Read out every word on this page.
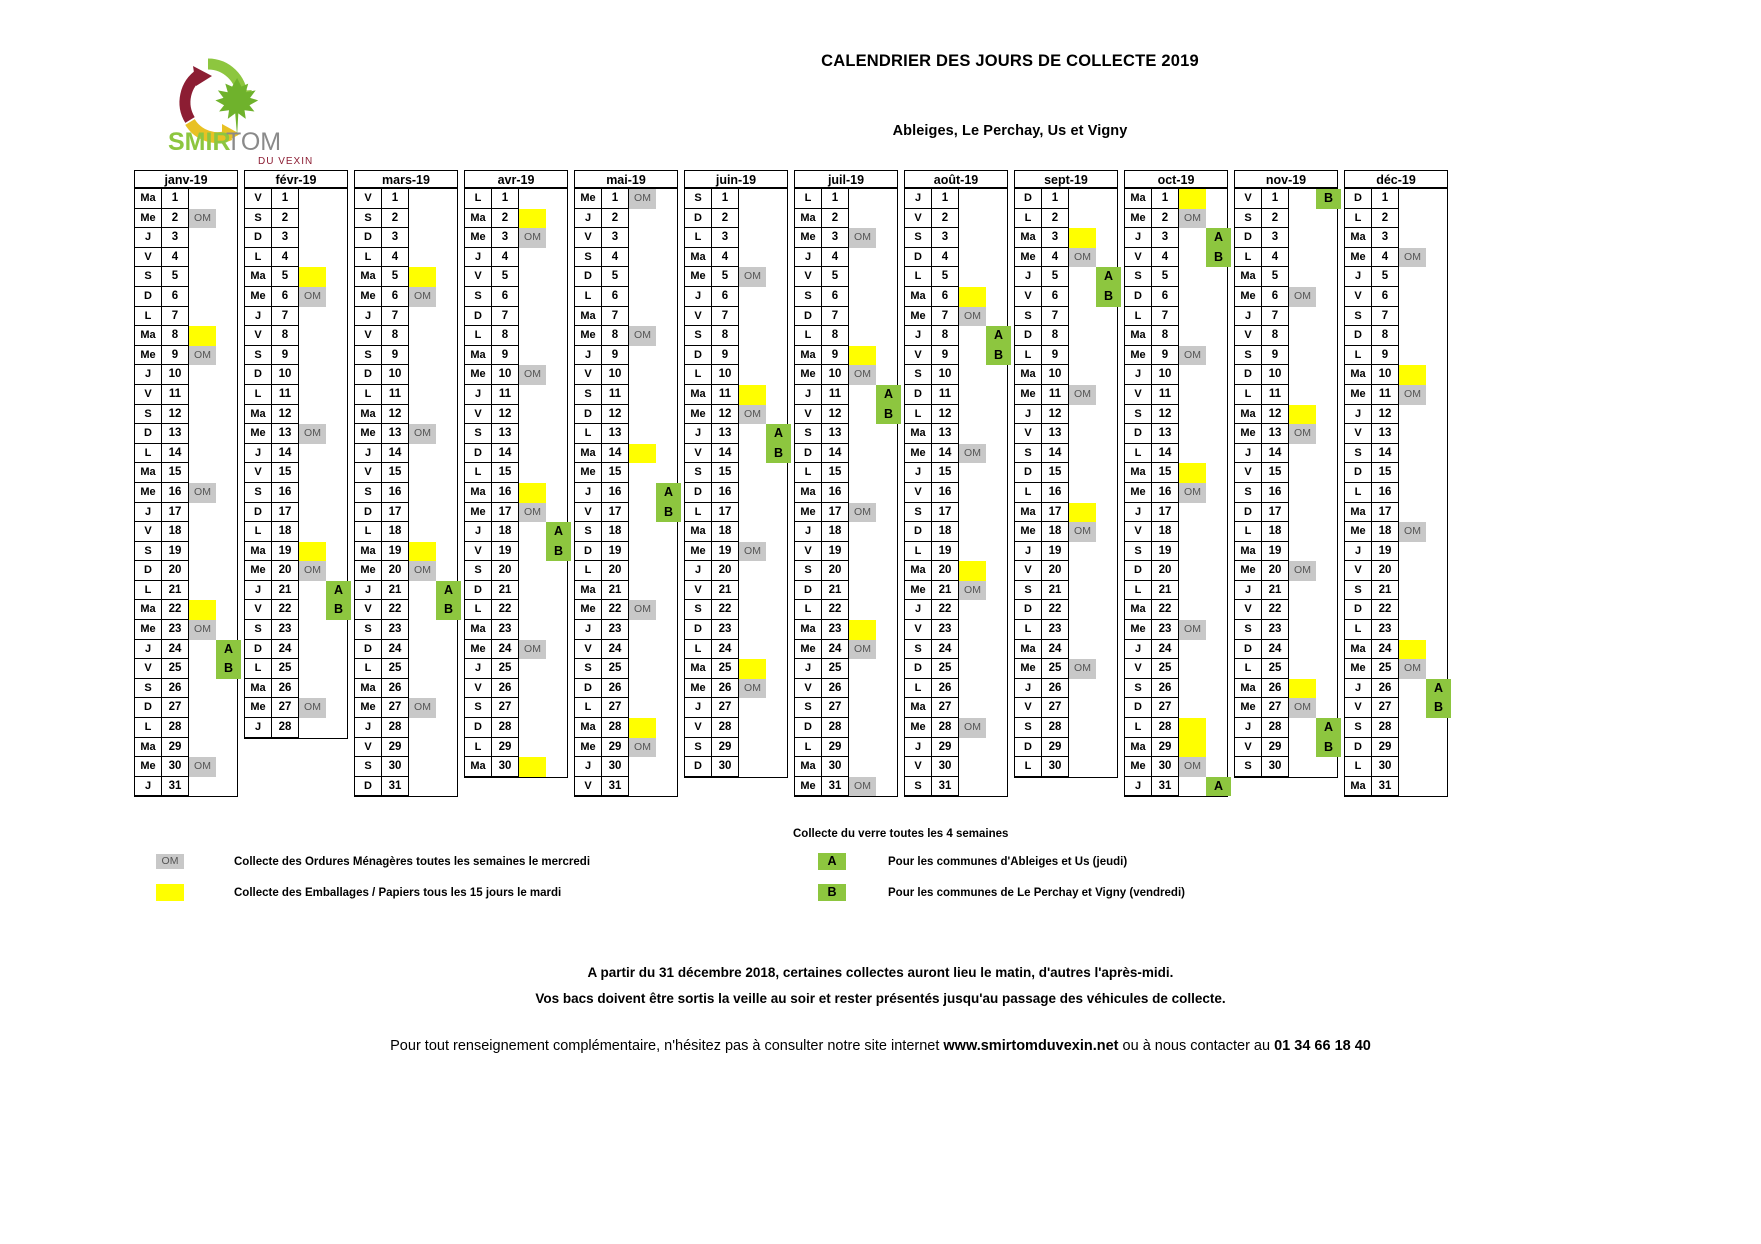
SMIR
TOM
DU VEXIN
CALENDRIER DES JOURS DE COLLECTE 2019
Ableiges, Le Perchay, Us et Vigny
janv-19
Ma	1
Me	2	OM
J	3
V	4
S	5
D	6
L	7
Ma	8
Me	9	OM
J	10
V	11
S	12
D	13
L	14
Ma	15
Me	16	OM
J	17
V	18
S	19
D	20
L	21
Ma	22
Me	23	OM
J	24	A
V	25	B
S	26
D	27
L	28
Ma	29
Me	30	OM
J	31
févr-19
V	1
S	2
D	3
L	4
Ma	5
Me	6	OM
J	7
V	8
S	9
D	10
L	11
Ma	12
Me	13	OM
J	14
V	15
S	16
D	17
L	18
Ma	19
Me	20	OM
J	21	A
V	22	B
S	23
D	24
L	25
Ma	26
Me	27	OM
J	28
mars-19
V	1
S	2
D	3
L	4
Ma	5
Me	6	OM
J	7
V	8
S	9
D	10
L	11
Ma	12
Me	13	OM
J	14
V	15
S	16
D	17
L	18
Ma	19
Me	20	OM
J	21	A
V	22	B
S	23
D	24
L	25
Ma	26
Me	27	OM
J	28
V	29
S	30
D	31
avr-19
L	1
Ma	2
Me	3	OM
J	4
V	5
S	6
D	7
L	8
Ma	9
Me	10	OM
J	11
V	12
S	13
D	14
L	15
Ma	16
Me	17	OM
J	18	A
V	19	B
S	20
D	21
L	22
Ma	23
Me	24	OM
J	25
V	26
S	27
D	28
L	29
Ma	30
mai-19
Me	1	OM
J	2
V	3
S	4
D	5
L	6
Ma	7
Me	8	OM
J	9
V	10
S	11
D	12
L	13
Ma	14
Me	15
J	16	A
V	17	B
S	18
D	19
L	20
Ma	21
Me	22	OM
J	23
V	24
S	25
D	26
L	27
Ma	28
Me	29	OM
J	30
V	31
juin-19
S	1
D	2
L	3
Ma	4
Me	5	OM
J	6
V	7
S	8
D	9
L	10
Ma	11
Me	12	OM
J	13	A
V	14	B
S	15
D	16
L	17
Ma	18
Me	19	OM
J	20
V	21
S	22
D	23
L	24
Ma	25
Me	26	OM
J	27
V	28
S	29
D	30
juil-19
L	1
Ma	2
Me	3	OM
J	4
V	5
S	6
D	7
L	8
Ma	9
Me	10	OM
J	11	A
V	12	B
S	13
D	14
L	15
Ma	16
Me	17	OM
J	18
V	19
S	20
D	21
L	22
Ma	23
Me	24	OM
J	25
V	26
S	27
D	28
L	29
Ma	30
Me	31	OM
août-19
J	1
V	2
S	3
D	4
L	5
Ma	6
Me	7	OM
J	8	A
V	9	B
S	10
D	11
L	12
Ma	13
Me	14	OM
J	15
V	16
S	17
D	18
L	19
Ma	20
Me	21	OM
J	22
V	23
S	24
D	25
L	26
Ma	27
Me	28	OM
J	29
V	30
S	31
sept-19
D	1
L	2
Ma	3
Me	4	OM
J	5	A
V	6	B
S	7
D	8
L	9
Ma	10
Me	11	OM
J	12
V	13
S	14
D	15
L	16
Ma	17
Me	18	OM
J	19
V	20
S	21
D	22
L	23
Ma	24
Me	25	OM
J	26
V	27
S	28
D	29
L	30
oct-19
Ma	1
Me	2	OM
J	3	A
V	4	B
S	5
D	6
L	7
Ma	8
Me	9	OM
J	10
V	11
S	12
D	13
L	14
Ma	15
Me	16	OM
J	17
V	18
S	19
D	20
L	21
Ma	22
Me	23	OM
J	24
V	25
S	26
D	27
L	28
Ma	29
Me	30	OM
J	31	A
nov-19
V	1	B
S	2
D	3
L	4
Ma	5
Me	6	OM
J	7
V	8
S	9
D	10
L	11
Ma	12
Me	13	OM
J	14
V	15
S	16
D	17
L	18
Ma	19
Me	20	OM
J	21
V	22
S	23
D	24
L	25
Ma	26
Me	27	OM
J	28	A
V	29	B
S	30
déc-19
D	1
L	2
Ma	3
Me	4	OM
J	5
V	6
S	7
D	8
L	9
Ma	10
Me	11	OM
J	12
V	13
S	14
D	15
L	16
Ma	17
Me	18	OM
J	19
V	20
S	21
D	22
L	23
Ma	24
Me	25	OM
J	26	A
V	27	B
S	28
D	29
L	30
Ma	31
OM	Collecte des Ordures Ménagères toutes les semaines le mercredi
Collecte des Emballages / Papiers tous les 15 jours le mardi
Collecte du verre toutes les 4 semaines
A	Pour les communes d'Ableiges et Us (jeudi)
B	Pour les communes de Le Perchay et Vigny (vendredi)
A partir du 31 décembre 2018, certaines collectes auront lieu le matin, d'autres l'après-midi.
Vos bacs doivent être sortis la veille au soir et rester présentés jusqu'au passage des véhicules de collecte.
Pour tout renseignement complémentaire, n'hésitez pas à consulter notre site internet www.smirtomduvexin.net ou à nous contacter au 01 34 66 18 40
